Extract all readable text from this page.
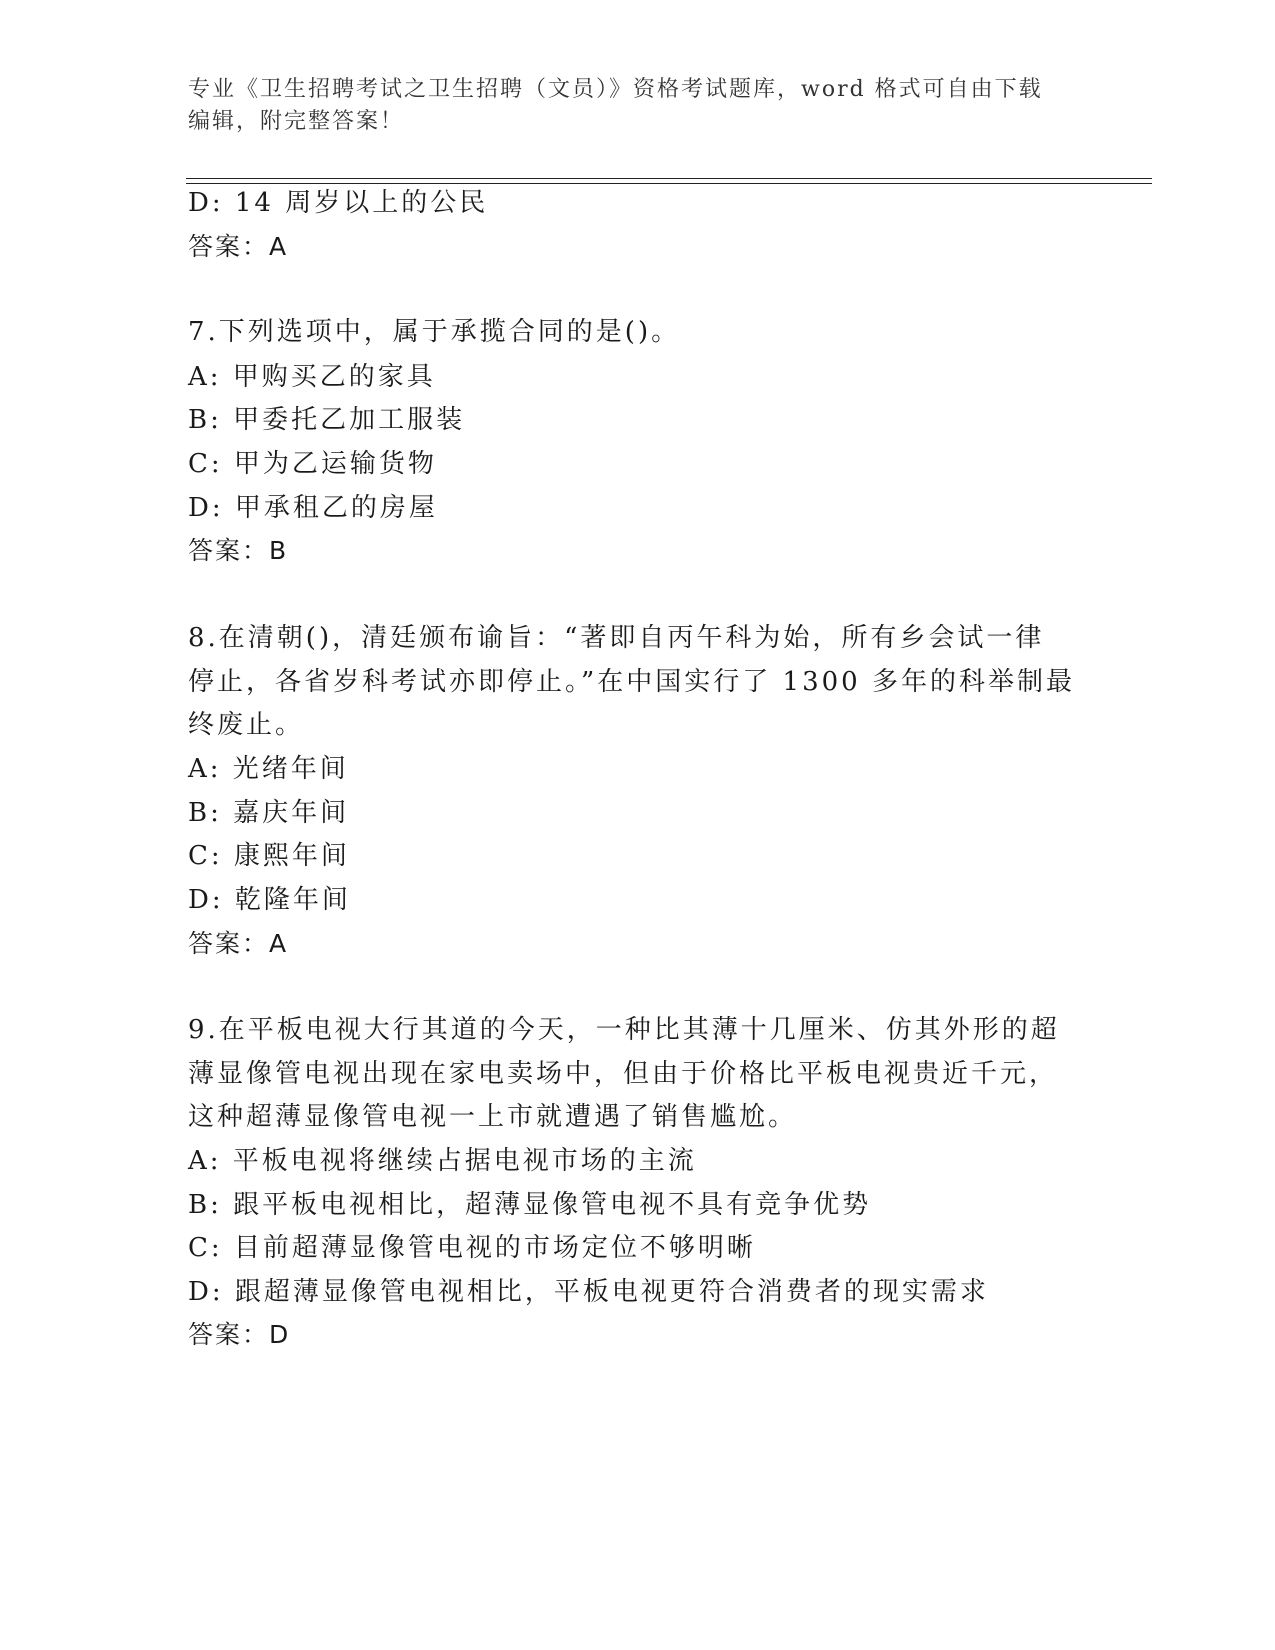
专业《卫生招聘考试之卫生招聘（文员）》资格考试题库，word 格式可自由下载
编辑，附完整答案！
D: 14 周岁以上的公民
答案：A
7.下列选项中，属于承揽合同的是()。
A: 甲购买乙的家具
B: 甲委托乙加工服装
C: 甲为乙运输货物
D: 甲承租乙的房屋
答案：B
8.在清朝()，清廷颁布谕旨：“著即自丙午科为始，所有乡会试一律
停止，各省岁科考试亦即停止。”在中国实行了 1300 多年的科举制最
终废止。
A: 光绪年间
B: 嘉庆年间
C: 康熙年间
D: 乾隆年间
答案：A
9.在平板电视大行其道的今天，一种比其薄十几厘米、仿其外形的超
薄显像管电视出现在家电卖场中，但由于价格比平板电视贵近千元，
这种超薄显像管电视一上市就遭遇了销售尴尬。
A: 平板电视将继续占据电视市场的主流
B: 跟平板电视相比，超薄显像管电视不具有竞争优势
C: 目前超薄显像管电视的市场定位不够明晰
D: 跟超薄显像管电视相比，平板电视更符合消费者的现实需求
答案：D
